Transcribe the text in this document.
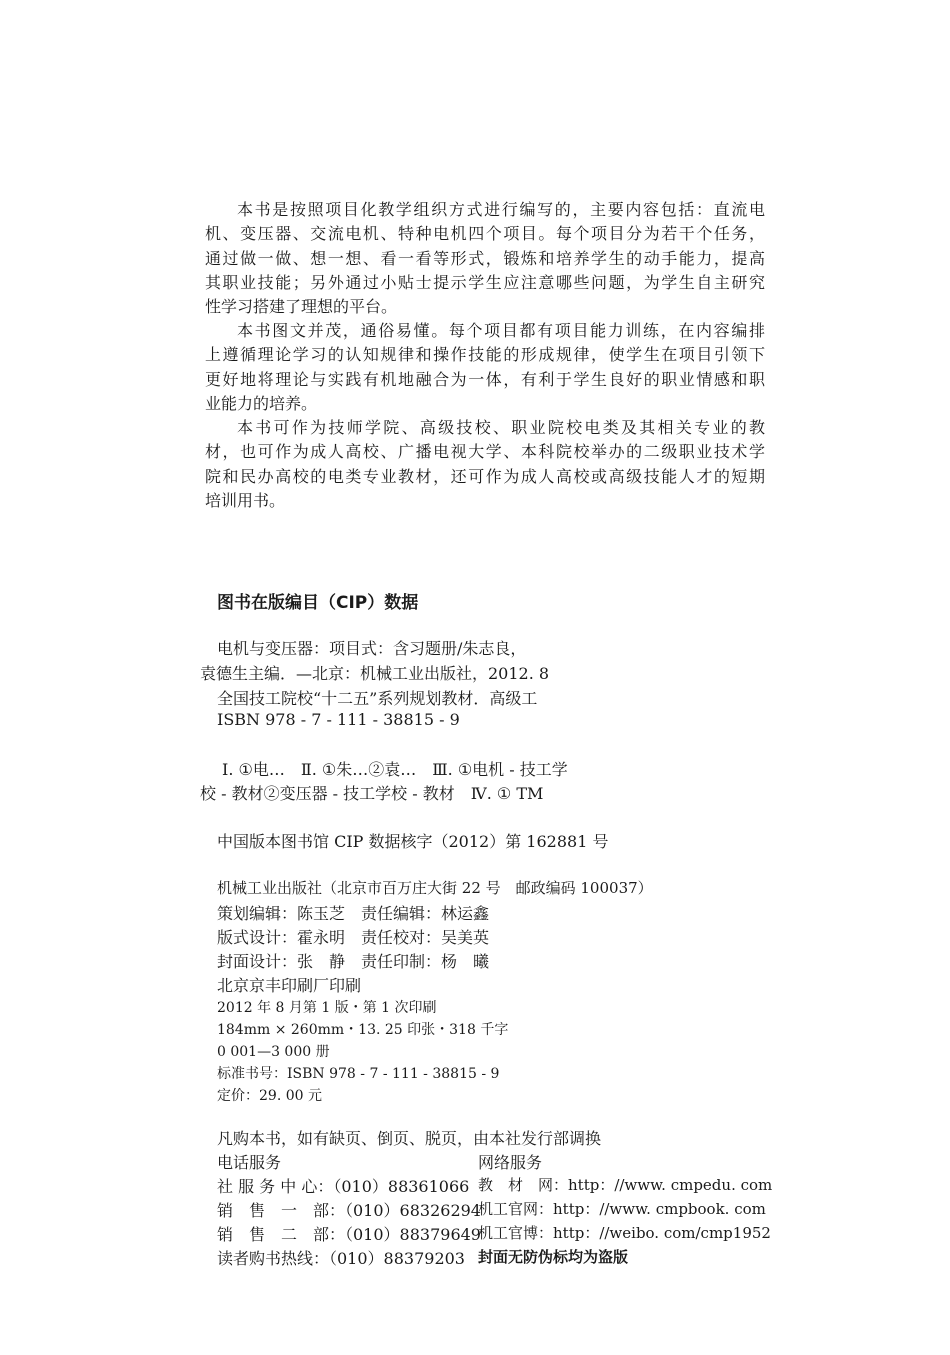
本书是按照项目化教学组织方式进行编写的，主要内容包括：直流电
机、变压器、交流电机、特种电机四个项目。每个项目分为若干个任务，
通过做一做、想一想、看一看等形式，锻炼和培养学生的动手能力，提高
其职业技能；另外通过小贴士提示学生应注意哪些问题，为学生自主研究
性学习搭建了理想的平台。
本书图文并茂，通俗易懂。每个项目都有项目能力训练，在内容编排
上遵循理论学习的认知规律和操作技能的形成规律，使学生在项目引领下
更好地将理论与实践有机地融合为一体，有利于学生良好的职业情感和职
业能力的培养。
本书可作为技师学院、高级技校、职业院校电类及其相关专业的教
材，也可作为成人高校、广播电视大学、本科院校举办的二级职业技术学
院和民办高校的电类专业教材，还可作为成人高校或高级技能人才的短期
培训用书。
图书在版编目（CIP）数据
电机与变压器：项目式：含习题册/朱志良，
袁德生主编．—北京：机械工业出版社，2012. 8
全国技工院校“十二五”系列规划教材．高级工
ISBN 978 - 7 - 111 - 38815 - 9
Ⅰ. ①电…　Ⅱ. ①朱…②袁…　Ⅲ. ①电机 - 技工学
校 - 教材②变压器 - 技工学校 - 教材　Ⅳ. ① TM
中国版本图书馆 CIP 数据核字（2012）第 162881 号
机械工业出版社（北京市百万庄大街 22 号　邮政编码 100037）
策划编辑：陈玉芝　责任编辑：林运鑫
版式设计：霍永明　责任校对：吴美英
封面设计：张　静　责任印制：杨　曦
北京京丰印刷厂印刷
2012 年 8 月第 1 版・第 1 次印刷
184mm × 260mm・13. 25 印张・318 千字
0 001—3 000 册
标准书号：ISBN 978 - 7 - 111 - 38815 - 9
定价：29. 00 元
凡购本书，如有缺页、倒页、脱页，由本社发行部调换
电话服务	网络服务
社 服 务 中 心：（010）88361066
销　售　一　部：（010）68326294
销　售　二　部：（010）88379649
读者购书热线：（010）88379203
教　材　网：http：//www. cmpedu. com
机工官网：http：//www. cmpbook. com
机工官博：http：//weibo. com/cmp1952
封面无防伪标均为盗版
